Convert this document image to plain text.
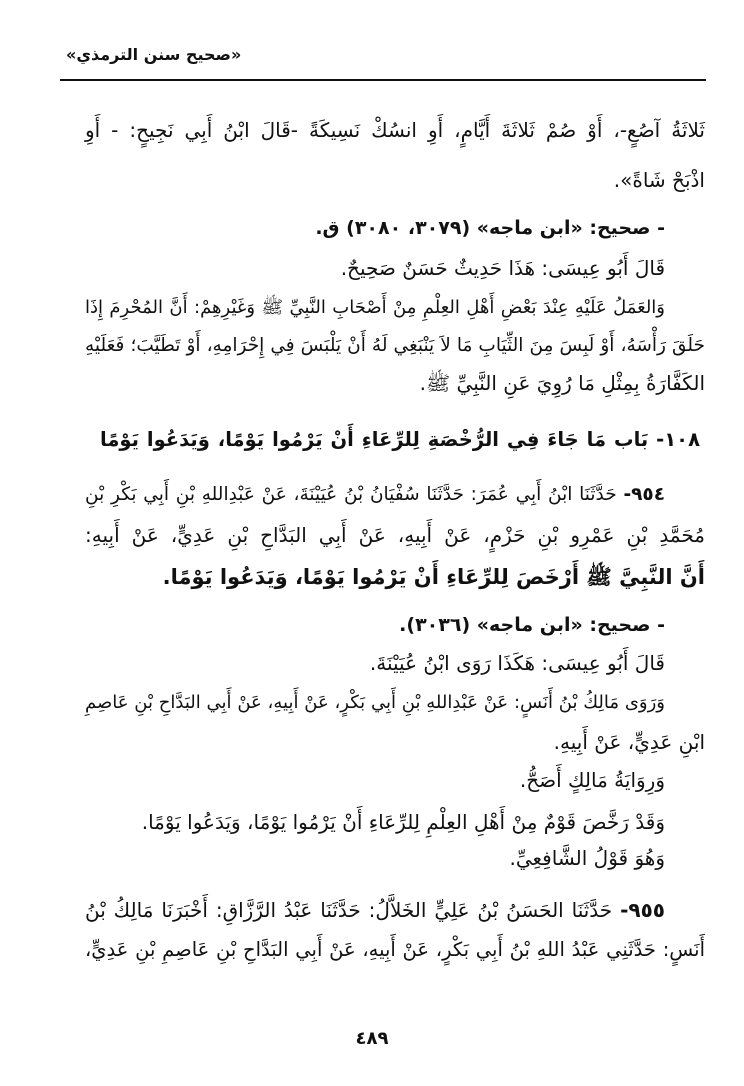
«صحيح سنن الترمذي»
ثَلاثَةُ آصُعٍ-، أَوْ صُمْ ثَلاثَةَ أَيَّامٍ، أَوِ انسُكْ نَسِيكَةً -قَالَ ابْنُ أَبِي نَجِيحٍ: - أَوِ
اذْبَحْ شَاةً».
- صحيح: «ابن ماجه» (٣٠٧٩، ٣٠٨٠) ق.
قَالَ أَبُو عِيسَى: هَذَا حَدِيثٌ حَسَنٌ صَحِيحٌ.
وَالعَمَلُ عَلَيْهِ عِنْدَ بَعْضِ أَهْلِ العِلْمِ مِنْ أَصْحَابِ النَّبِيِّ ﷺ وَغَيْرِهِمْ: أَنَّ المُحْرِمَ إِذَا
حَلَقَ رَأْسَهُ، أَوْ لَبِسَ مِنَ الثِّيَابِ مَا لاَ يَنْبَغِي لَهُ أَنْ يَلْبَسَ فِي إِحْرَامِهِ، أَوْ تَطَيَّبَ؛ فَعَلَيْهِ
الكَفَّارَةُ بِمِثْلِ مَا رُوِيَ عَنِ النَّبِيِّ ﷺ.
١٠٨- بَاب مَا جَاءَ فِي الرُّخْصَةِ لِلرِّعَاءِ أَنْ يَرْمُوا يَوْمًا، وَيَدَعُوا يَوْمًا
٩٥٤- حَدَّثَنَا ابْنُ أَبِي عُمَرَ: حَدَّثَنَا سُفْيَانُ بْنُ عُيَيْنَةَ، عَنْ عَبْدِاللهِ بْنِ أَبِي بَكْرِ بْنِ
مُحَمَّدِ بْنِ عَمْرِو بْنِ حَزْمٍ، عَنْ أَبِيهِ، عَنْ أَبِي البَدَّاحِ بْنِ عَدِيٍّ، عَنْ أَبِيهِ:
أَنَّ النَّبِيَّ ﷺ أَرْخَصَ لِلرِّعَاءِ أَنْ يَرْمُوا يَوْمًا، وَيَدَعُوا يَوْمًا.
- صحيح: «ابن ماجه» (٣٠٣٦).
قَالَ أَبُو عِيسَى: هَكَذَا رَوَى ابْنُ عُيَيْنَةَ.
وَرَوَى مَالِكُ بْنُ أَنَسٍ: عَنْ عَبْدِاللهِ بْنِ أَبِي بَكْرٍ، عَنْ أَبِيهِ، عَنْ أَبِي البَدَّاحِ بْنِ عَاصِمِ
ابْنِ عَدِيٍّ، عَنْ أَبِيهِ.
وَرِوَايَةُ مَالِكٍ أَصَحُّ.
وَقَدْ رَخَّصَ قَوْمٌ مِنْ أَهْلِ العِلْمِ لِلرِّعَاءِ أَنْ يَرْمُوا يَوْمًا، وَيَدَعُوا يَوْمًا.
وَهُوَ قَوْلُ الشَّافِعِيِّ.
٩٥٥- حَدَّثَنَا الحَسَنُ بْنُ عَلِيٍّ الخَلاَّلُ: حَدَّثَنَا عَبْدُ الرَّزَّاقِ: أَخْبَرَنَا مَالِكُ بْنُ
أَنَسٍ: حَدَّثَنِي عَبْدُ اللهِ بْنُ أَبِي بَكْرٍ، عَنْ أَبِيهِ، عَنْ أَبِي البَدَّاحِ بْنِ عَاصِمِ بْنِ عَدِيٍّ،
٤٨٩
